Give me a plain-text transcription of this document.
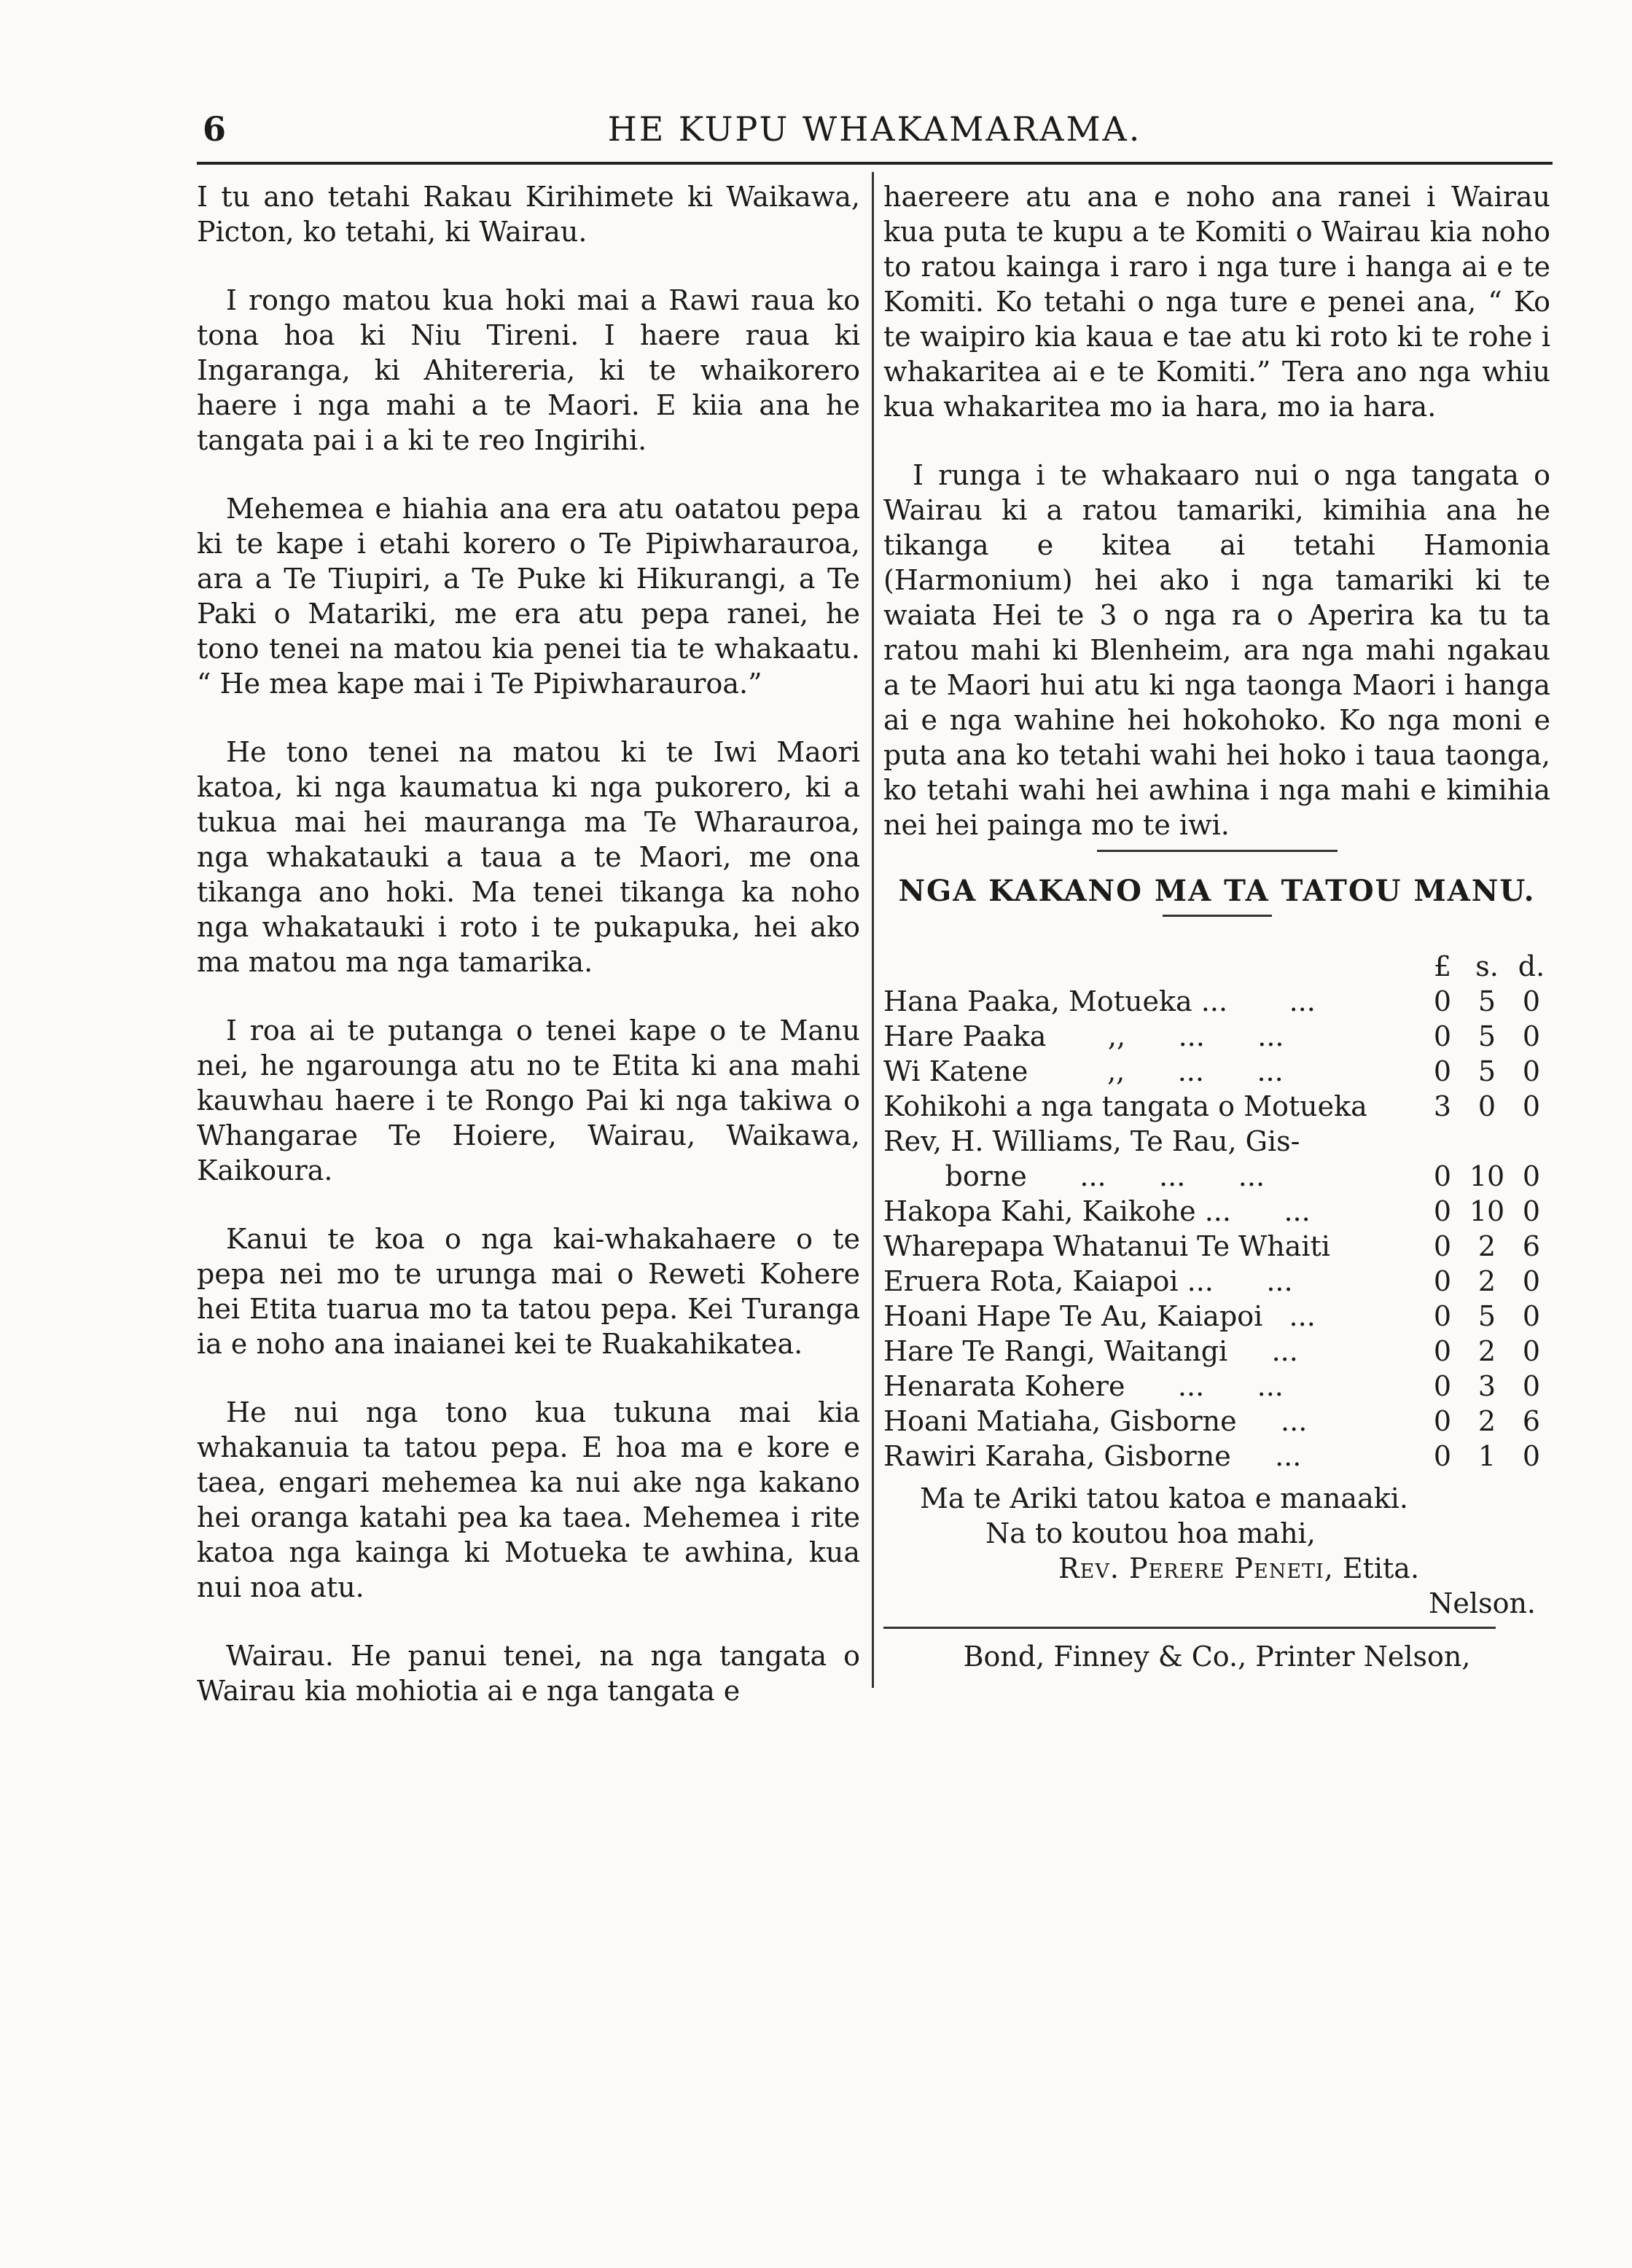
6	HE KUPU WHAKAMARAMA.

I tu ano tetahi Rakau Kirihimete ki Waikawa, Picton, ko tetahi, ki Wairau.

I rongo matou kua hoki mai a Rawi raua ko tona hoa ki Niu Tireni. I haere raua ki Ingaranga, ki Ahitereria, ki te whaikorero haere i nga mahi a te Maori. E kiia ana he tangata pai i a ki te reo Ingirihi.

Mehemea e hiahia ana era atu oatatou pepa ki te kape i etahi korero o Te Pipiwharauroa, ara a Te Tiupiri, a Te Puke ki Hikurangi, a Te Paki o Matariki, me era atu pepa ranei, he tono tenei na matou kia penei tia te whakaatu. “ He mea kape mai i Te Pipiwharauroa.”

He tono tenei na matou ki te Iwi Maori katoa, ki nga kaumatua ki nga pukorero, ki a tukua mai hei mauranga ma Te Wharauroa, nga whakatauki a taua a te Maori, me ona tikanga ano hoki. Ma tenei tikanga ka noho nga whakatauki i roto i te pukapuka, hei ako ma matou ma nga tamarika.

I roa ai te putanga o tenei kape o te Manu nei, he ngarounga atu no te Etita ki ana mahi kauwhau haere i te Rongo Pai ki nga takiwa o Whangarae Te Hoiere, Wairau, Waikawa, Kaikoura.

Kanui te koa o nga kai-whakahaere o te pepa nei mo te urunga mai o Reweti Kohere hei Etita tuarua mo ta tatou pepa. Kei Turanga ia e noho ana inaianei kei te Ruakahikatea.

He nui nga tono kua tukuna mai kia whakanuia ta tatou pepa. E hoa ma e kore e taea, engari mehemea ka nui ake nga kakano hei oranga katahi pea ka taea. Mehemea i rite katoa nga kainga ki Motueka te awhina, kua nui noa atu.

Wairau. He panui tenei, na nga tangata o Wairau kia mohiotia ai e nga tangata e

haereere atu ana e noho ana ranei i Wairau kua puta te kupu a te Komiti o Wairau kia noho to ratou kainga i raro i nga ture i hanga ai e te Komiti. Ko tetahi o nga ture e penei ana, “ Ko te waipiro kia kaua e tae atu ki roto ki te rohe i whakaritea ai e te Komiti.” Tera ano nga whiu kua whakaritea mo ia hara, mo ia hara.

I runga i te whakaaro nui o nga tangata o Wairau ki a ratou tamariki, kimihia ana he tikanga e kitea ai tetahi Hamonia (Harmonium) hei ako i nga tamariki ki te waiata Hei te 3 o nga ra o Aperira ka tu ta ratou mahi ki Blenheim, ara nga mahi ngakau a te Maori hui atu ki nga taonga Maori i hanga ai e nga wahine hei hokohoko. Ko nga moni e puta ana ko tetahi wahi hei hoko i taua taonga, ko tetahi wahi hei awhina i nga mahi e kimihia nei hei painga mo te iwi.

NGA KAKANO MA TA TATOU MANU.
	£	s.	d.
Hana Paaka, Motueka ...       ...	0	5	0
Hare Paaka       ,,      ...      ...	0	5	0
Wi Katene         ,,      ...      ...	0	5	0
Kohikohi a nga tangata o Motueka	3	0	0
Rev, H. Williams, Te Rau, Gis-			
borne      ...      ...      ...	0	10	0
Hakopa Kahi, Kaikohe ...      ...	0	10	0
Wharepapa Whatanui Te Whaiti	0	2	6
Eruera Rota, Kaiapoi ...      ...	0	2	0
Hoani Hape Te Au, Kaiapoi   ...	0	5	0
Hare Te Rangi, Waitangi     ...	0	2	0
Henarata Kohere      ...      ...	0	3	0
Hoani Matiaha, Gisborne     ...	0	2	6
Rawiri Karaha, Gisborne     ...	0	1	0
Ma te Ariki tatou katoa e manaaki.
Na to koutou hoa mahi,
Rev. Perere Peneti, Etita.
Nelson.
Bond, Finney & Co., Printer Nelson,
